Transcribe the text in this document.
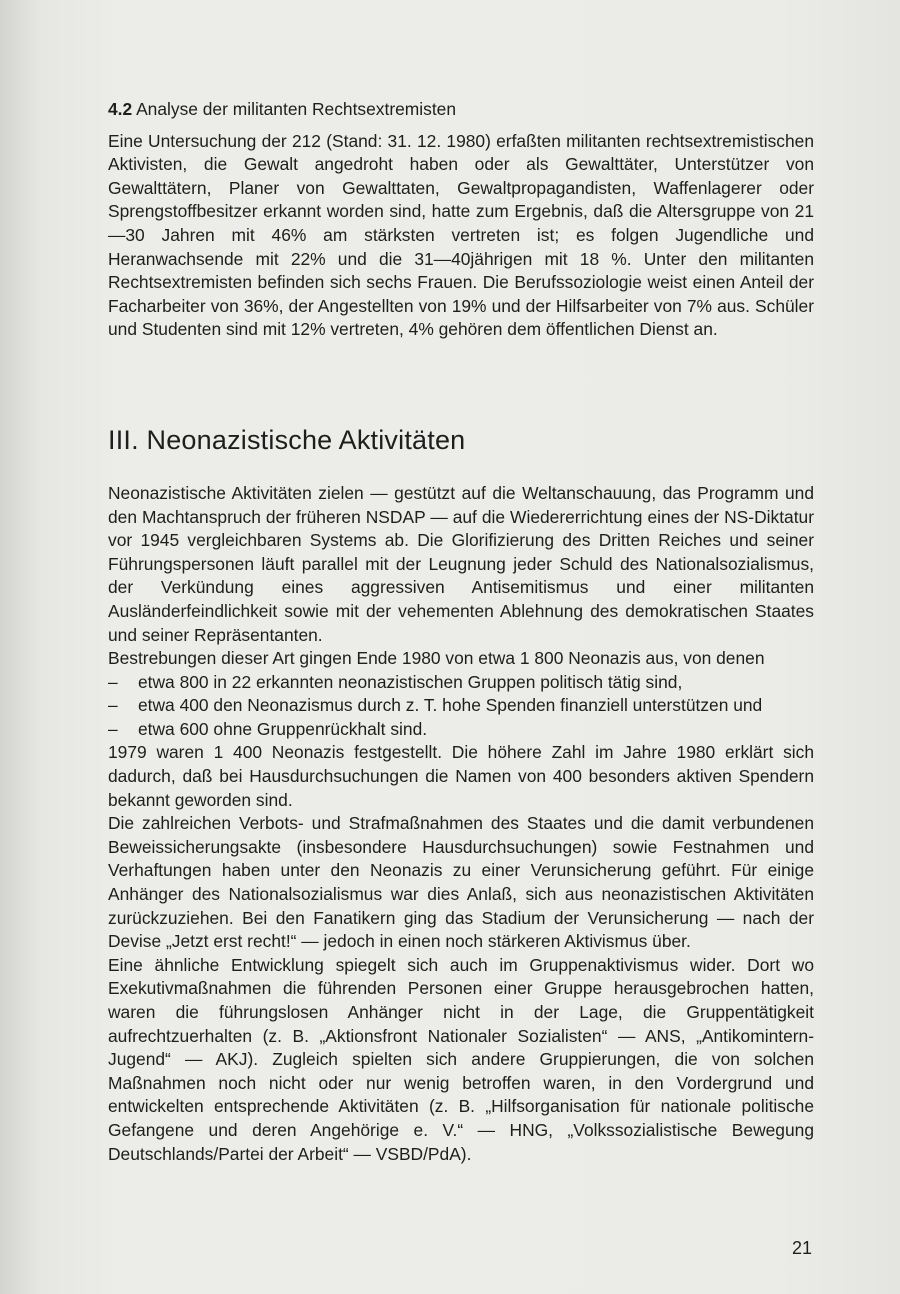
4.2 Analyse der militanten Rechtsextremisten

Eine Untersuchung der 212 (Stand: 31. 12. 1980) erfaßten militanten rechtsextremistischen Aktivisten, die Gewalt angedroht haben oder als Gewalttäter, Unterstützer von Gewalttätern, Planer von Gewalttaten, Gewaltpropagandisten, Waffenlagerer oder Sprengstoffbesitzer erkannt worden sind, hatte zum Ergebnis, daß die Altersgruppe von 21—30 Jahren mit 46% am stärksten vertreten ist; es folgen Jugendliche und Heranwachsende mit 22% und die 31—40jährigen mit 18 %. Unter den militanten Rechtsextremisten befinden sich sechs Frauen. Die Berufssoziologie weist einen Anteil der Facharbeiter von 36%, der Angestellten von 19% und der Hilfsarbeiter von 7% aus. Schüler und Studenten sind mit 12% vertreten, 4% gehören dem öffentlichen Dienst an.

III. Neonazistische Aktivitäten

Neonazistische Aktivitäten zielen — gestützt auf die Weltanschauung, das Programm und den Machtanspruch der früheren NSDAP — auf die Wiedererrichtung eines der NS-Diktatur vor 1945 vergleichbaren Systems ab. Die Glorifizierung des Dritten Reiches und seiner Führungspersonen läuft parallel mit der Leugnung jeder Schuld des Nationalsozialismus, der Verkündung eines aggressiven Antisemitismus und einer militanten Ausländerfeindlichkeit sowie mit der vehementen Ablehnung des demokratischen Staates und seiner Repräsentanten.

Bestrebungen dieser Art gingen Ende 1980 von etwa 1 800 Neonazis aus, von denen

– etwa 800 in 22 erkannten neonazistischen Gruppen politisch tätig sind,
– etwa 400 den Neonazismus durch z. T. hohe Spenden finanziell unterstützen und
– etwa 600 ohne Gruppenrückhalt sind.

1979 waren 1 400 Neonazis festgestellt. Die höhere Zahl im Jahre 1980 erklärt sich dadurch, daß bei Hausdurchsuchungen die Namen von 400 besonders aktiven Spendern bekannt geworden sind.

Die zahlreichen Verbots- und Strafmaßnahmen des Staates und die damit verbundenen Beweissicherungsakte (insbesondere Hausdurchsuchungen) sowie Festnahmen und Verhaftungen haben unter den Neonazis zu einer Verunsicherung geführt. Für einige Anhänger des Nationalsozialismus war dies Anlaß, sich aus neonazistischen Aktivitäten zurückzuziehen. Bei den Fanatikern ging das Stadium der Verunsicherung — nach der Devise „Jetzt erst recht!“ — jedoch in einen noch stärkeren Aktivismus über.

Eine ähnliche Entwicklung spiegelt sich auch im Gruppenaktivismus wider. Dort wo Exekutivmaßnahmen die führenden Personen einer Gruppe herausgebrochen hatten, waren die führungslosen Anhänger nicht in der Lage, die Gruppentätigkeit aufrechtzuerhalten (z. B. „Aktionsfront Nationaler Sozialisten“ — ANS, „Antikomintern-Jugend“ — AKJ). Zugleich spielten sich andere Gruppierungen, die von solchen Maßnahmen noch nicht oder nur wenig betroffen waren, in den Vordergrund und entwickelten entsprechende Aktivitäten (z. B. „Hilfsorganisation für nationale politische Gefangene und deren Angehörige e. V.“ — HNG, „Volkssozialistische Bewegung Deutschlands/Partei der Arbeit“ — VSBD/PdA).

21
